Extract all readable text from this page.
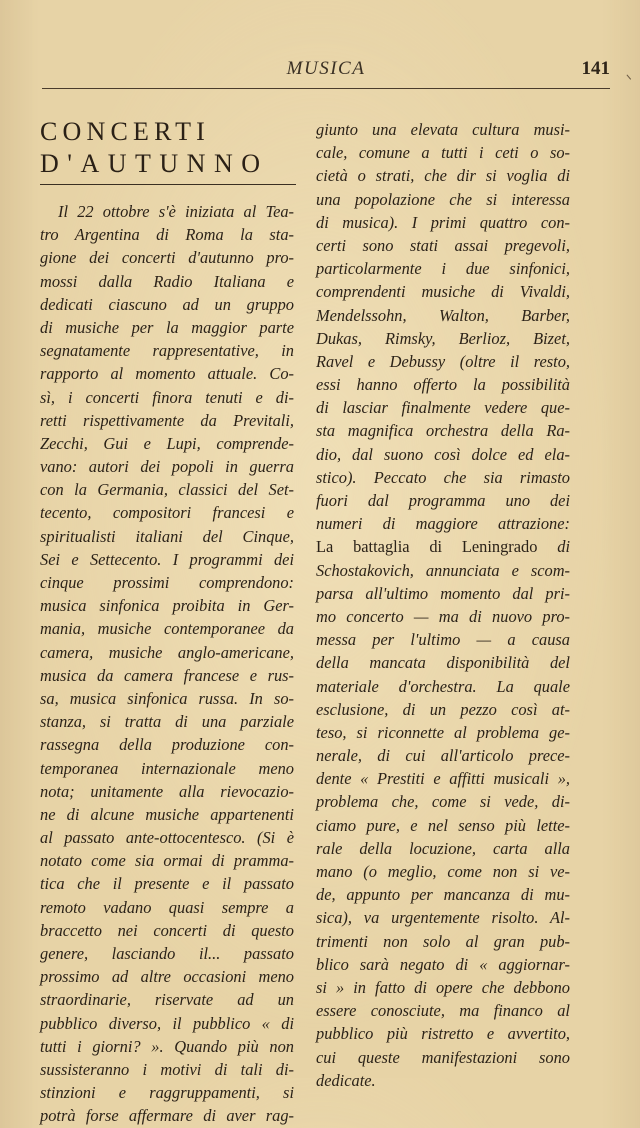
MUSICA	141
CONCERTI
D'AUTUNNO
Il 22 ottobre s'è iniziata al Tea-
tro Argentina di Roma la sta-
gione dei concerti d'autunno pro-
mossi dalla Radio Italiana e
dedicati ciascuno ad un gruppo
di musiche per la maggior parte
segnatamente rappresentative, in
rapporto al momento attuale. Co-
sì, i concerti finora tenuti e di-
retti rispettivamente da Previtali,
Zecchi, Gui e Lupi, comprende-
vano: autori dei popoli in guerra
con la Germania, classici del Set-
tecento, compositori francesi e
spiritualisti italiani del Cinque,
Sei e Settecento. I programmi dei
cinque prossimi comprendono:
musica sinfonica proibita in Ger-
mania, musiche contemporanee da
camera, musiche anglo-americane,
musica da camera francese e rus-
sa, musica sinfonica russa. In so-
stanza, si tratta di una parziale
rassegna della produzione con-
temporanea internazionale meno
nota; unitamente alla rievocazio-
ne di alcune musiche appartenenti
al passato ante-ottocentesco. (Si è
notato come sia ormai di pramma-
tica che il presente e il passato
remoto vadano quasi sempre a
braccetto nei concerti di questo
genere, lasciando il... passato
prossimo ad altre occasioni meno
straordinarie, riservate ad un
pubblico diverso, il pubblico « di
tutti i giorni? ». Quando più non
sussisteranno i motivi di tali di-
stinzioni e raggruppamenti, si
potrà forse affermare di aver rag-
giunto una elevata cultura musi-
cale, comune a tutti i ceti o so-
cietà o strati, che dir si voglia di
una popolazione che si interessa
di musica). I primi quattro con-
certi sono stati assai pregevoli,
particolarmente i due sinfonici,
comprendenti musiche di Vivaldi,
Mendelssohn, Walton, Barber,
Dukas, Rimsky, Berlioz, Bizet,
Ravel e Debussy (oltre il resto,
essi hanno offerto la possibilità
di lasciar finalmente vedere que-
sta magnifica orchestra della Ra-
dio, dal suono così dolce ed ela-
stico). Peccato che sia rimasto
fuori dal programma uno dei
numeri di maggiore attrazione:
La battaglia di Leningrado di
Schostakovich, annunciata e scom-
parsa all'ultimo momento dal pri-
mo concerto — ma di nuovo pro-
messa per l'ultimo — a causa
della mancata disponibilità del
materiale d'orchestra. La quale
esclusione, di un pezzo così at-
teso, si riconnette al problema ge-
nerale, di cui all'articolo prece-
dente « Prestiti e affitti musicali »,
problema che, come si vede, di-
ciamo pure, e nel senso più lette-
rale della locuzione, carta alla
mano (o meglio, come non si ve-
de, appunto per mancanza di mu-
sica), va urgentemente risolto. Al-
trimenti non solo al gran pub-
blico sarà negato di « aggiornar-
si » in fatto di opere che debbono
essere conosciute, ma financo al
pubblico più ristretto e avvertito,
cui queste manifestazioni sono
dedicate.
